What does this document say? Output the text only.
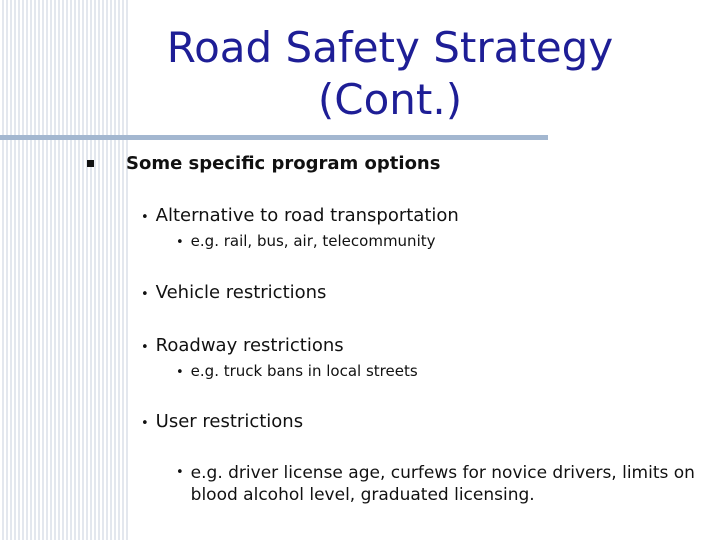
Road Safety Strategy
(Cont.)
Some specific program options
• Alternative to road transportation
• e.g. rail, bus, air, telecommunity
• Vehicle restrictions
• Roadway restrictions
• e.g. truck bans in local streets
• User restrictions
• e.g. driver license age, curfews for novice drivers, limits on blood alcohol level, graduated licensing.
